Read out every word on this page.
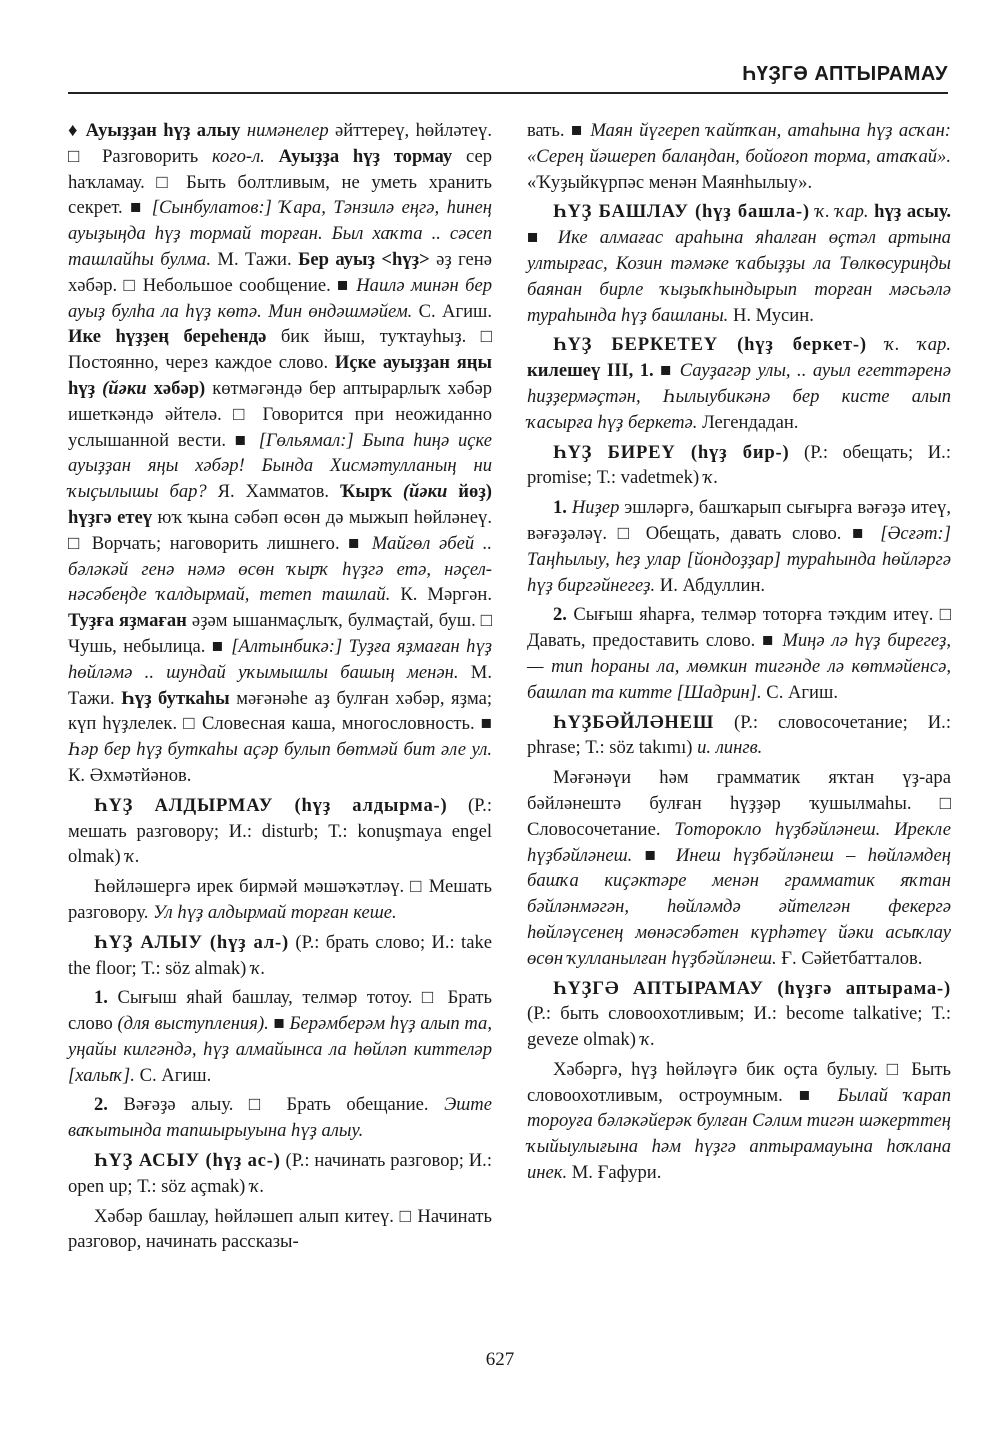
ҺҮҘГӘ АПТЫРАМАУ

♦ Ауыҙҙан һүҙ алыу нимәнелер әйттереү, һөйләтеү. □ Разговорить кого-л. Ауыҙҙа һүҙ тормау сер һаҡламау. □ Быть болтливым, не уметь хранить секрет. ■ [Сынбулатов:] Ҡара, Тәнзилә еңгә, һинең ауыҙыңда һүҙ тормай торған. Был хаҡта .. сәсеп ташлайһы булма. М. Тажи. Бер ауыҙ <һүҙ> әҙ генә хәбәр. □ Небольшое сообщение. ■ Наилә минән бер ауыҙ булһа ла һүҙ көтә. Мин өндәшмәйем. С. Агиш. Ике һүҙҙең береһендә бик йыш, туҡтауһыҙ. □ Постоянно, через каждое слово. Иҫке ауыҙҙан яңы һүҙ (йәки хәбәр) көтмәгәндә бер аптырарлыҡ хәбәр ишеткәндә әйтелә. □ Говорится при неожиданно услышанной вести. ■ [Гөльямал:] Быna һиңә иҫке ауыҙҙан яңы хәбәр! Бында Хисмәтулланың ни ҡыҫылышы бар? Я. Хамматов. Ҡырҡ (йәки йөҙ) һүҙгә етеү юҡ ҡына сәбәп өсөн дә мыжып һөйләнеү. □ Ворчать; наговорить лишнего. ■ Майгөл әбей .. бәләкәй генә нәмә өсөн ҡырҡ һүҙгә етә, нәҫел-нәсәбеңде ҡалдырмай, тетеп ташлай. К. Мәргән. Туҙға яҙмаған әҙәм ышанмаҫлыҡ, булмаҫтай, буш. □ Чушь, небылица. ■ [Алтынбикә:] Туҙға яҙмаған һүҙ һөйләмә .. шундай уҡымышлы башың менән. М. Тажи. Һүҙ буткаһы мәғәнәһе аҙ булған хәбәр, яҙма; күп һүҙлелек. □ Словесная каша, многословность. ■ Һәр бер һүҙ буткаһы аҫәр булып бөтмәй бит әле ул. К. Әхмәтйәнов.

ҺҮҘ АЛДЫРМАУ (һүҙ алдырма-) (Р.: мешать разговору; И.: disturb; Т.: konuşmaya engel olmak) ҡ.

Һөйләшергә ирек бирмәй мәшәҡәтләү. □ Мешать разговору. Ул һүҙ алдырмай торған кеше.

ҺҮҘ АЛЫУ (һүҙ ал-) (Р.: брать слово; И.: take the floor; Т.: söz almak) ҡ.

1. Сығыш яһай башлау, телмәр тотоу. □ Брать слово (для выступления). ■ Берәмберәм һүҙ алып та, уңайы килгәндә, һүҙ алмайынса ла һөйләп киттеләр [халыҡ]. С. Агиш.

2. Вәғәҙә алыу. □ Брать обещание. Эште ваҡытында тапшырыуына һүҙ алыу.

ҺҮҘ АСЫУ (һүҙ ас-) (Р.: начинать разговор; И.: open up; Т.: söz açmak) ҡ.

Хәбәр башлау, һөйләшеп алып китеү. □ Начинать разговор, начинать рассказы-

вать. ■ Маян йүгереп ҡайтҡан, атаһына һүҙ асҡан: «Серең йәшереп балаңдан, бойоғоп торма, атаҡай». «Ҡуҙыйкүрпәс менән Маянһылыу».

ҺҮҘ БАШЛАУ (һүҙ башла-) ҡ. ҡар. һүҙ асыу. ■ Ике алмағас араһына яһалған өҫтәл артына ултырғас, Козин тәмәке ҡабыҙҙы ла Төлкөсуриңды баянан бирле ҡыҙыҡһындырып торған мәсьәлә тураһында һүҙ башланы. Н. Мусин.

ҺҮҘ БЕРКЕТЕҮ (һүҙ беркет-) ҡ. ҡар. килешеү III, 1. ■ Сауҙагәр улы, .. ауыл егеттәренә һиҙҙермәҫтән, Һылыубикәнә бер кисте алып ҡасырға һүҙ беркетә. Легендадан.

ҺҮҘ БИРЕҮ (һүҙ бир-) (Р.: обещать; И.: promise; Т.: vadetmek) ҡ.

1. Ниҙер эшләргә, башҡарып сығырға вәғәҙә итеү, вәғәҙәләү. □ Обещать, давать слово. ■ [Әсғәт:] Таңһылыу, һеҙ улар [йондоҙҙар] тураһында һөйләргә һүҙ биргәйнегеҙ. И. Абдуллин.

2. Сығыш яһарға, телмәр тоторға тәҡдим итеү. □ Давать, предоставить слово. ■ Миңә лә һүҙ бирегеҙ, — тип һораны ла, мөмкин тигәнде лә көтмәйенсә, башлап та китте [Шадрин]. С. Агиш.

ҺҮҘБӘЙЛӘНЕШ (Р.: словосочетание; И.: phrase; Т.: söz takımı) и. лингв.

Мәғәнәүи һәм грамматик яҡтан үҙ-ара бәйләнештә булған һүҙҙәр ҡушылмаһы. □ Словосочетание. Тоторокло һүҙбәйләнеш. Ирекле һүҙбәйләнеш. ■ Инеш һүҙбәйләнеш – һөйләмдең башҡа киҫәктәре менән грамматик яҡтан бәйләнмәгән, һөйләмдә әйтелгән фекергә һөйләүсенең мөнәсәбәтен күрһәтеү йәки асыҡлау өсөн ҡулланылған һүҙбәйләнеш. Ғ. Сәйетбатталов.

ҺҮҘГӘ АПТЫРАМАУ (һүҙгә аптырама-) (Р.: быть словоохотливым; И.: become talkative; Т.: geveze olmak) ҡ.

Хәбәргә, һүҙ һөйләүгә бик оҫта булыу. □ Быть словоохотливым, остроумным. ■ Былай ҡарап тороуға бәләкәйерәк булған Сәлим тигән шәкерттең ҡыйыулығына һәм һүҙгә аптырамауына һоҡлана инек. М. Ғафури.

627
